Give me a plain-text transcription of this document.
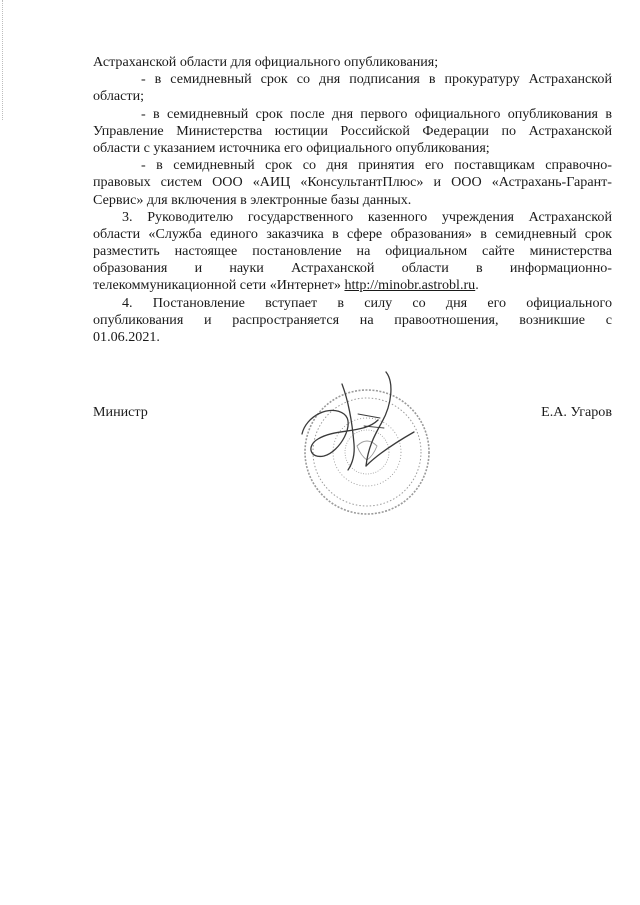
Астраханской области для официального опубликования;
- в семидневный срок со дня подписания в прокуратуру Астраханской
области;
- в семидневный срок после дня первого официального опубликования в
Управление Министерства юстиции Российской Федерации по Астраханской
области с указанием источника его официального опубликования;
- в семидневный срок со дня принятия его поставщикам справочно-
правовых систем ООО «АИЦ «КонсультантПлюс» и ООО «Астрахань-Гарант-
Сервис» для включения в электронные базы данных.
3. Руководителю государственного казенного учреждения Астраханской
области «Служба единого заказчика в сфере образования» в семидневный срок
разместить настоящее постановление на официальном сайте министерства
образования и науки Астраханской области в информационно-
телекоммуникационной сети «Интернет» http://minobr.astrobl.ru.
4. Постановление вступает в силу со дня его официального
опубликования и распространяется на правоотношения, возникшие с
01.06.2021.
Министр	Е.А. Угаров
